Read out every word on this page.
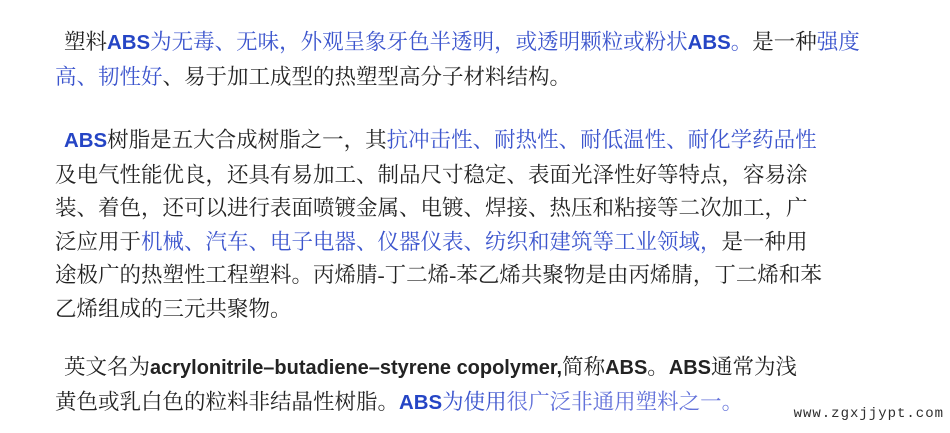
塑料ABS为无毒、无味，外观呈象牙色半透明，或透明颗粒或粉状ABS。是一种强度
高、韧性好、易于加工成型的热塑型高分子材料结构。

ABS树脂是五大合成树脂之一，其抗冲击性、耐热性、耐低温性、耐化学药品性
及电气性能优良，还具有易加工、制品尺寸稳定、表面光泽性好等特点，容易涂
装、着色，还可以进行表面喷镀金属、电镀、焊接、热压和粘接等二次加工，广
泛应用于机械、汽车、电子电器、仪器仪表、纺织和建筑等工业领域，是一种用
途极广的热塑性工程塑料。丙烯腈-丁二烯-苯乙烯共聚物是由丙烯腈，丁二烯和苯
乙烯组成的三元共聚物。

英文名为acrylonitrile–butadiene–styrene copolymer,简称ABS。ABS通常为浅
黄色或乳白色的粒料非结晶性树脂。ABS为使用很广泛非通用塑料之一。

www.zgxjjypt.com
